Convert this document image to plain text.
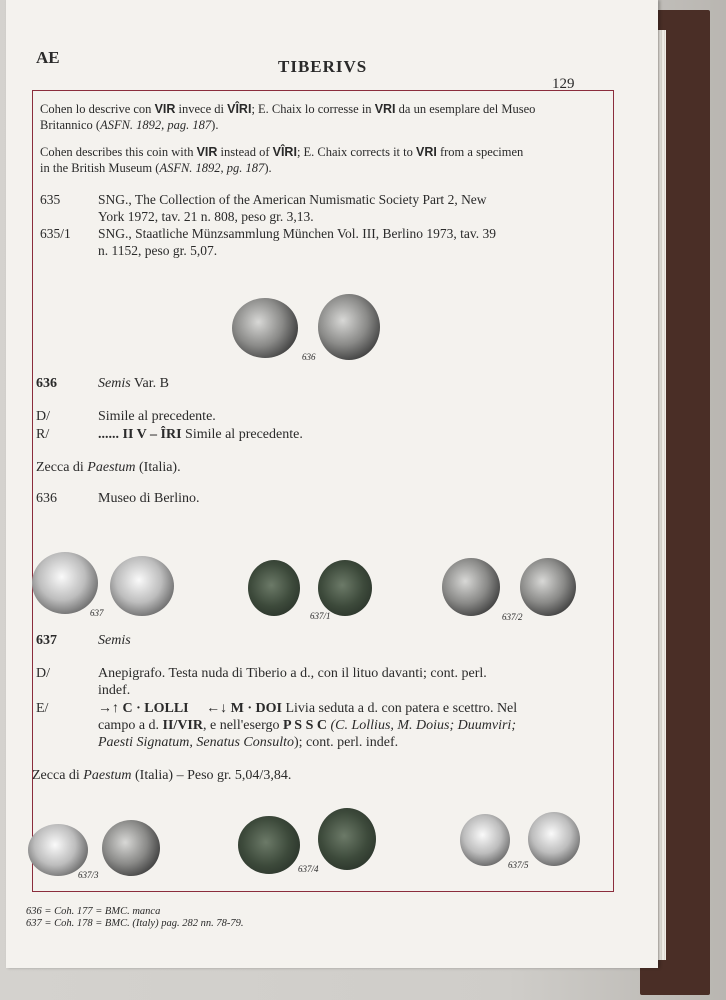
AE	TIBERIVS
129
Cohen lo descrive con VIR invece di VÎRI; E. Chaix lo corresse in VRI da un esemplare del Museo
Britannico (ASFN. 1892, pag. 187).
Cohen describes this coin with VIR instead of VÎRI; E. Chaix corrects it to VRI from a specimen
in the British Museum (ASFN. 1892, pg. 187).
635	SNG., The Collection of the American Numismatic Society Part 2, New
York 1972, tav. 21 n. 808, peso gr. 3,13.
635/1 SNG., Staatliche Münzsammlung München Vol. III, Berlino 1973, tav. 39
n. 1152, peso gr. 5,07.
636
636	Semis Var. B
D/	Simile al precedente.
R/	...... II V – ÎRI Simile al precedente.
Zecca di Paestum (Italia).
636	Museo di Berlino.
637	637/1	637/2
637	Semis
D/	Anepigrafo. Testa nuda di Tiberio a d., con il lituo davanti; cont. perl.
indef.
E/	→↑ C · LOLLI ←↓ M · DOI Livia seduta a d. con patera e scettro. Nel
campo a d. II/VIR, e nell'esergo P S S C (C. Lollius, M. Doius; Duumviri;
Paesti Signatum, Senatus Consulto); cont. perl. indef.
Zecca di Paestum (Italia) – Peso gr. 5,04/3,84.
637/3
637/4	637/5
636 = Coh. 177 = BMC. manca
637 = Coh. 178 = BMC. (Italy) pag. 282 nn. 78-79.
